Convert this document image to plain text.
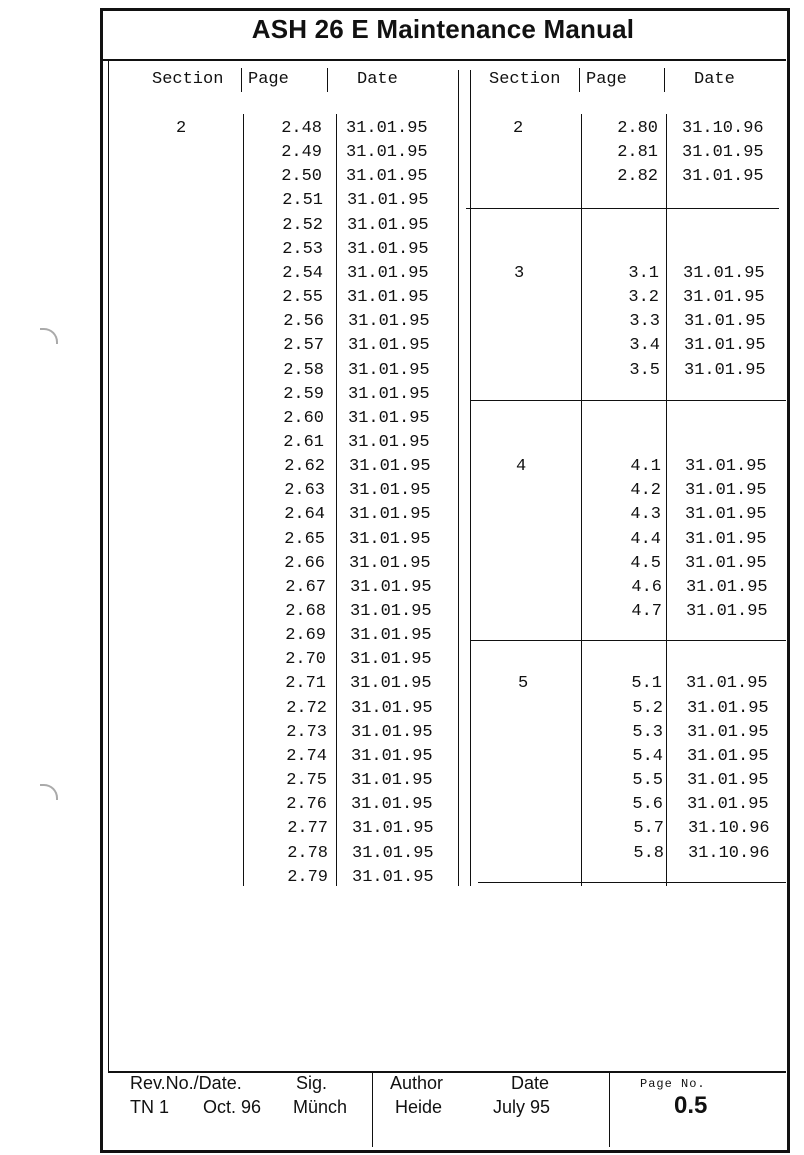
ASH 26 E Maintenance Manual
Section Page	Date	Section Page	Date
2	2.48 31.01.95
2.49 31.01.95
2.50 31.01.95
2.51 31.01.95
2.52 31.01.95
2.53 31.01.95
2.54 31.01.95
2.55 31.01.95
2.56 31.01.95
2.57 31.01.95
2.58 31.01.95
2.59 31.01.95
2.60 31.01.95
2.61 31.01.95
2.62 31.01.95
2.63 31.01.95
2.64 31.01.95
2.65 31.01.95
2.66 31.01.95
2.67 31.01.95
2.68 31.01.95
2.69 31.01.95
2.70 31.01.95
2.71 31.01.95
2.72 31.01.95
2.73 31.01.95
2.74 31.01.95
2.75 31.01.95
2.76 31.01.95
2.77 31.01.95
2.78 31.01.95
2.79 31.01.95
2	2.80 31.10.96
2.81 31.01.95
2.82 31.01.95
3	3.1 31.01.95
3.2 31.01.95
3.3 31.01.95
3.4 31.01.95
3.5 31.01.95
4	4.1 31.01.95
4.2 31.01.95
4.3 31.01.95
4.4 31.01.95
4.5 31.01.95
4.6 31.01.95
4.7 31.01.95
5	5.1 31.01.95
5.2 31.01.95
5.3 31.01.95
5.4 31.01.95
5.5 31.01.95
5.6 31.01.95
5.7 31.10.96
5.8 31.10.96
Rev.No./Date.	Sig.
TN 1 Oct. 96 Münch
Author
Heide
Date
July 95
Page No.
0.5
